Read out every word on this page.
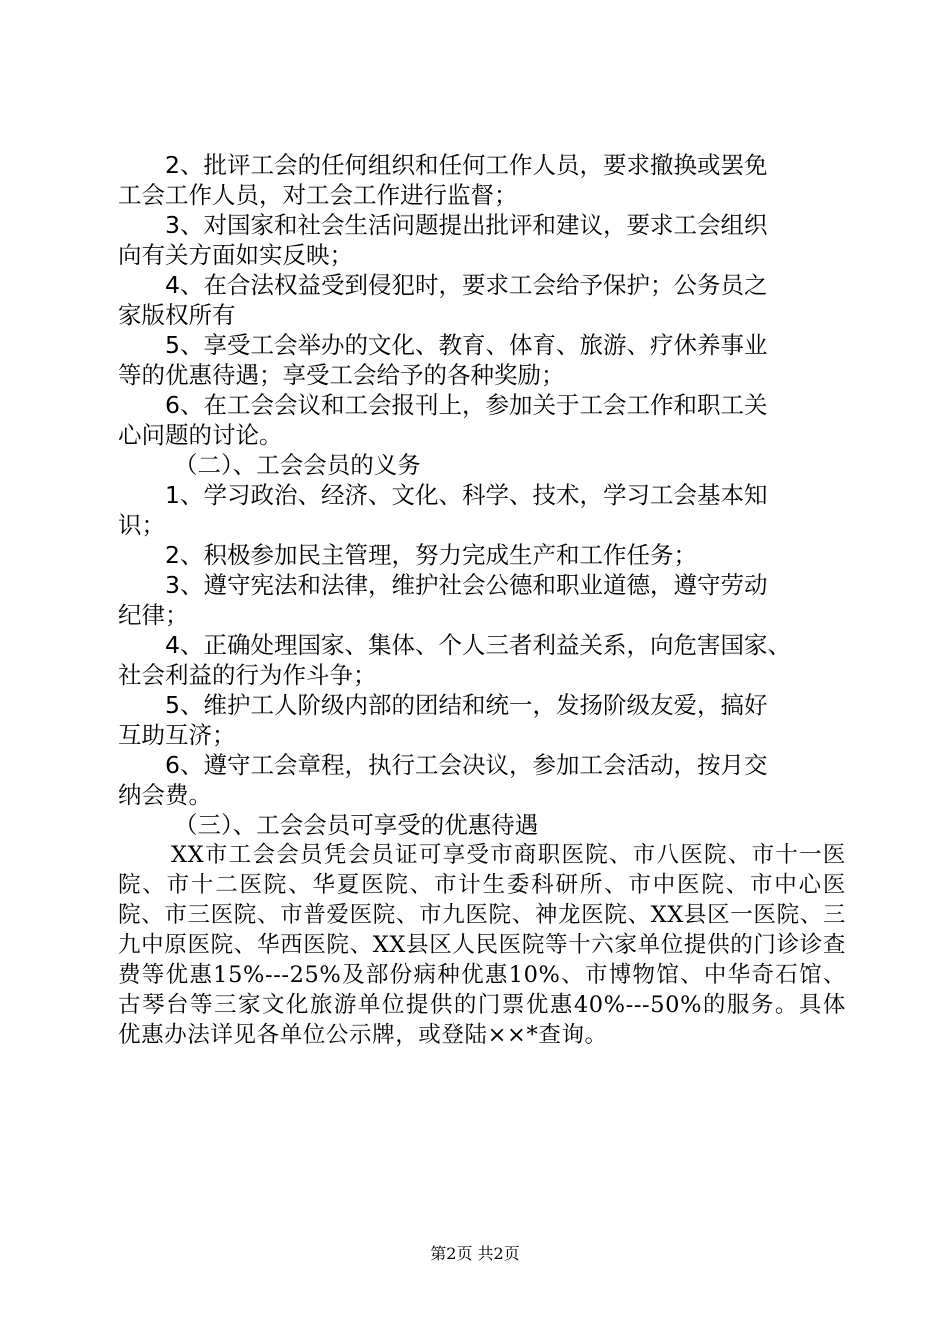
2、批评工会的任何组织和任何工作人员，要求撤换或罢免

工会工作人员，对工会工作进行监督；

3、对国家和社会生活问题提出批评和建议，要求工会组织

向有关方面如实反映；

4、在合法权益受到侵犯时，要求工会给予保护；公务员之

家版权所有

5、享受工会举办的文化、教育、体育、旅游、疗休养事业

等的优惠待遇；享受工会给予的各种奖励；

6、在工会会议和工会报刊上，参加关于工会工作和职工关

心问题的讨论。

（二）、工会会员的义务

1、学习政治、经济、文化、科学、技术，学习工会基本知

识；

2、积极参加民主管理，努力完成生产和工作任务；

3、遵守宪法和法律，维护社会公德和职业道德，遵守劳动

纪律；

4、正确处理国家、集体、个人三者利益关系，向危害国家、

社会利益的行为作斗争；

5、维护工人阶级内部的团结和统一，发扬阶级友爱，搞好

互助互济；

6、遵守工会章程，执行工会决议，参加工会活动，按月交

纳会费。

（三）、工会会员可享受的优惠待遇

XX市工会会员凭会员证可享受市商职医院、市八医院、市十一医院、市十二医院、华夏医院、市计生委科研所、市中医院、市中心医院、市三医院、市普爱医院、市九医院、神龙医院、XX县区一医院、三九中原医院、华西医院、XX县区人民医院等十六家单位提供的门诊诊查费等优惠15%---25%及部份病种优惠10%、市博物馆、中华奇石馆、古琴台等三家文化旅游单位提供的门票优惠40%---50%的服务。具体优惠办法详见各单位公示牌，或登陆××*查询。

第2页 共2页
